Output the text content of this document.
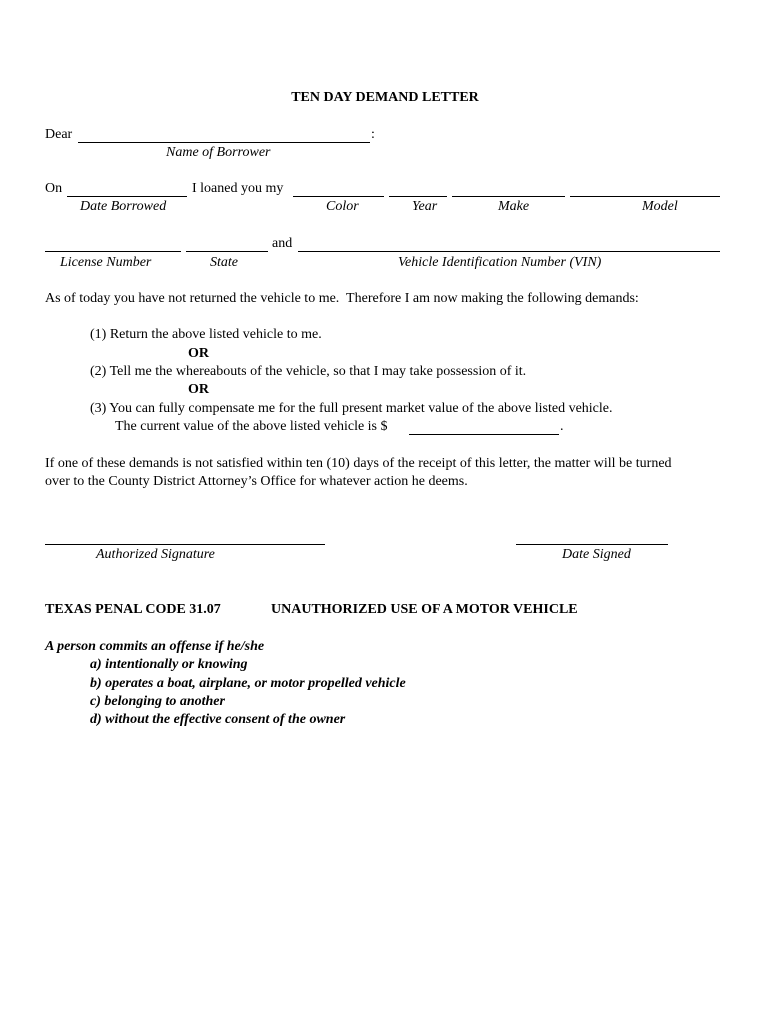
TEN DAY DEMAND LETTER
Dear	:
Name of Borrower
On	I loaned you my
Date Borrowed	Color	Year	Make	Model
and
License Number	State	Vehicle Identification Number (VIN)
As of today you have not returned the vehicle to me.  Therefore I am now making the following demands:
(1) Return the above listed vehicle to me.
OR
(2) Tell me the whereabouts of the vehicle, so that I may take possession of it.
OR
(3) You can fully compensate me for the full present market value of the above listed vehicle.
The current value of the above listed vehicle is $	.
If one of these demands is not satisfied within ten (10) days of the receipt of this letter, the matter will be turned
over to the County District Attorney’s Office for whatever action he deems.
Authorized Signature	Date Signed
TEXAS PENAL CODE 31.07	UNAUTHORIZED USE OF A MOTOR VEHICLE
A person commits an offense if he/she
a) intentionally or knowing
b) operates a boat, airplane, or motor propelled vehicle
c) belonging to another
d) without the effective consent of the owner
